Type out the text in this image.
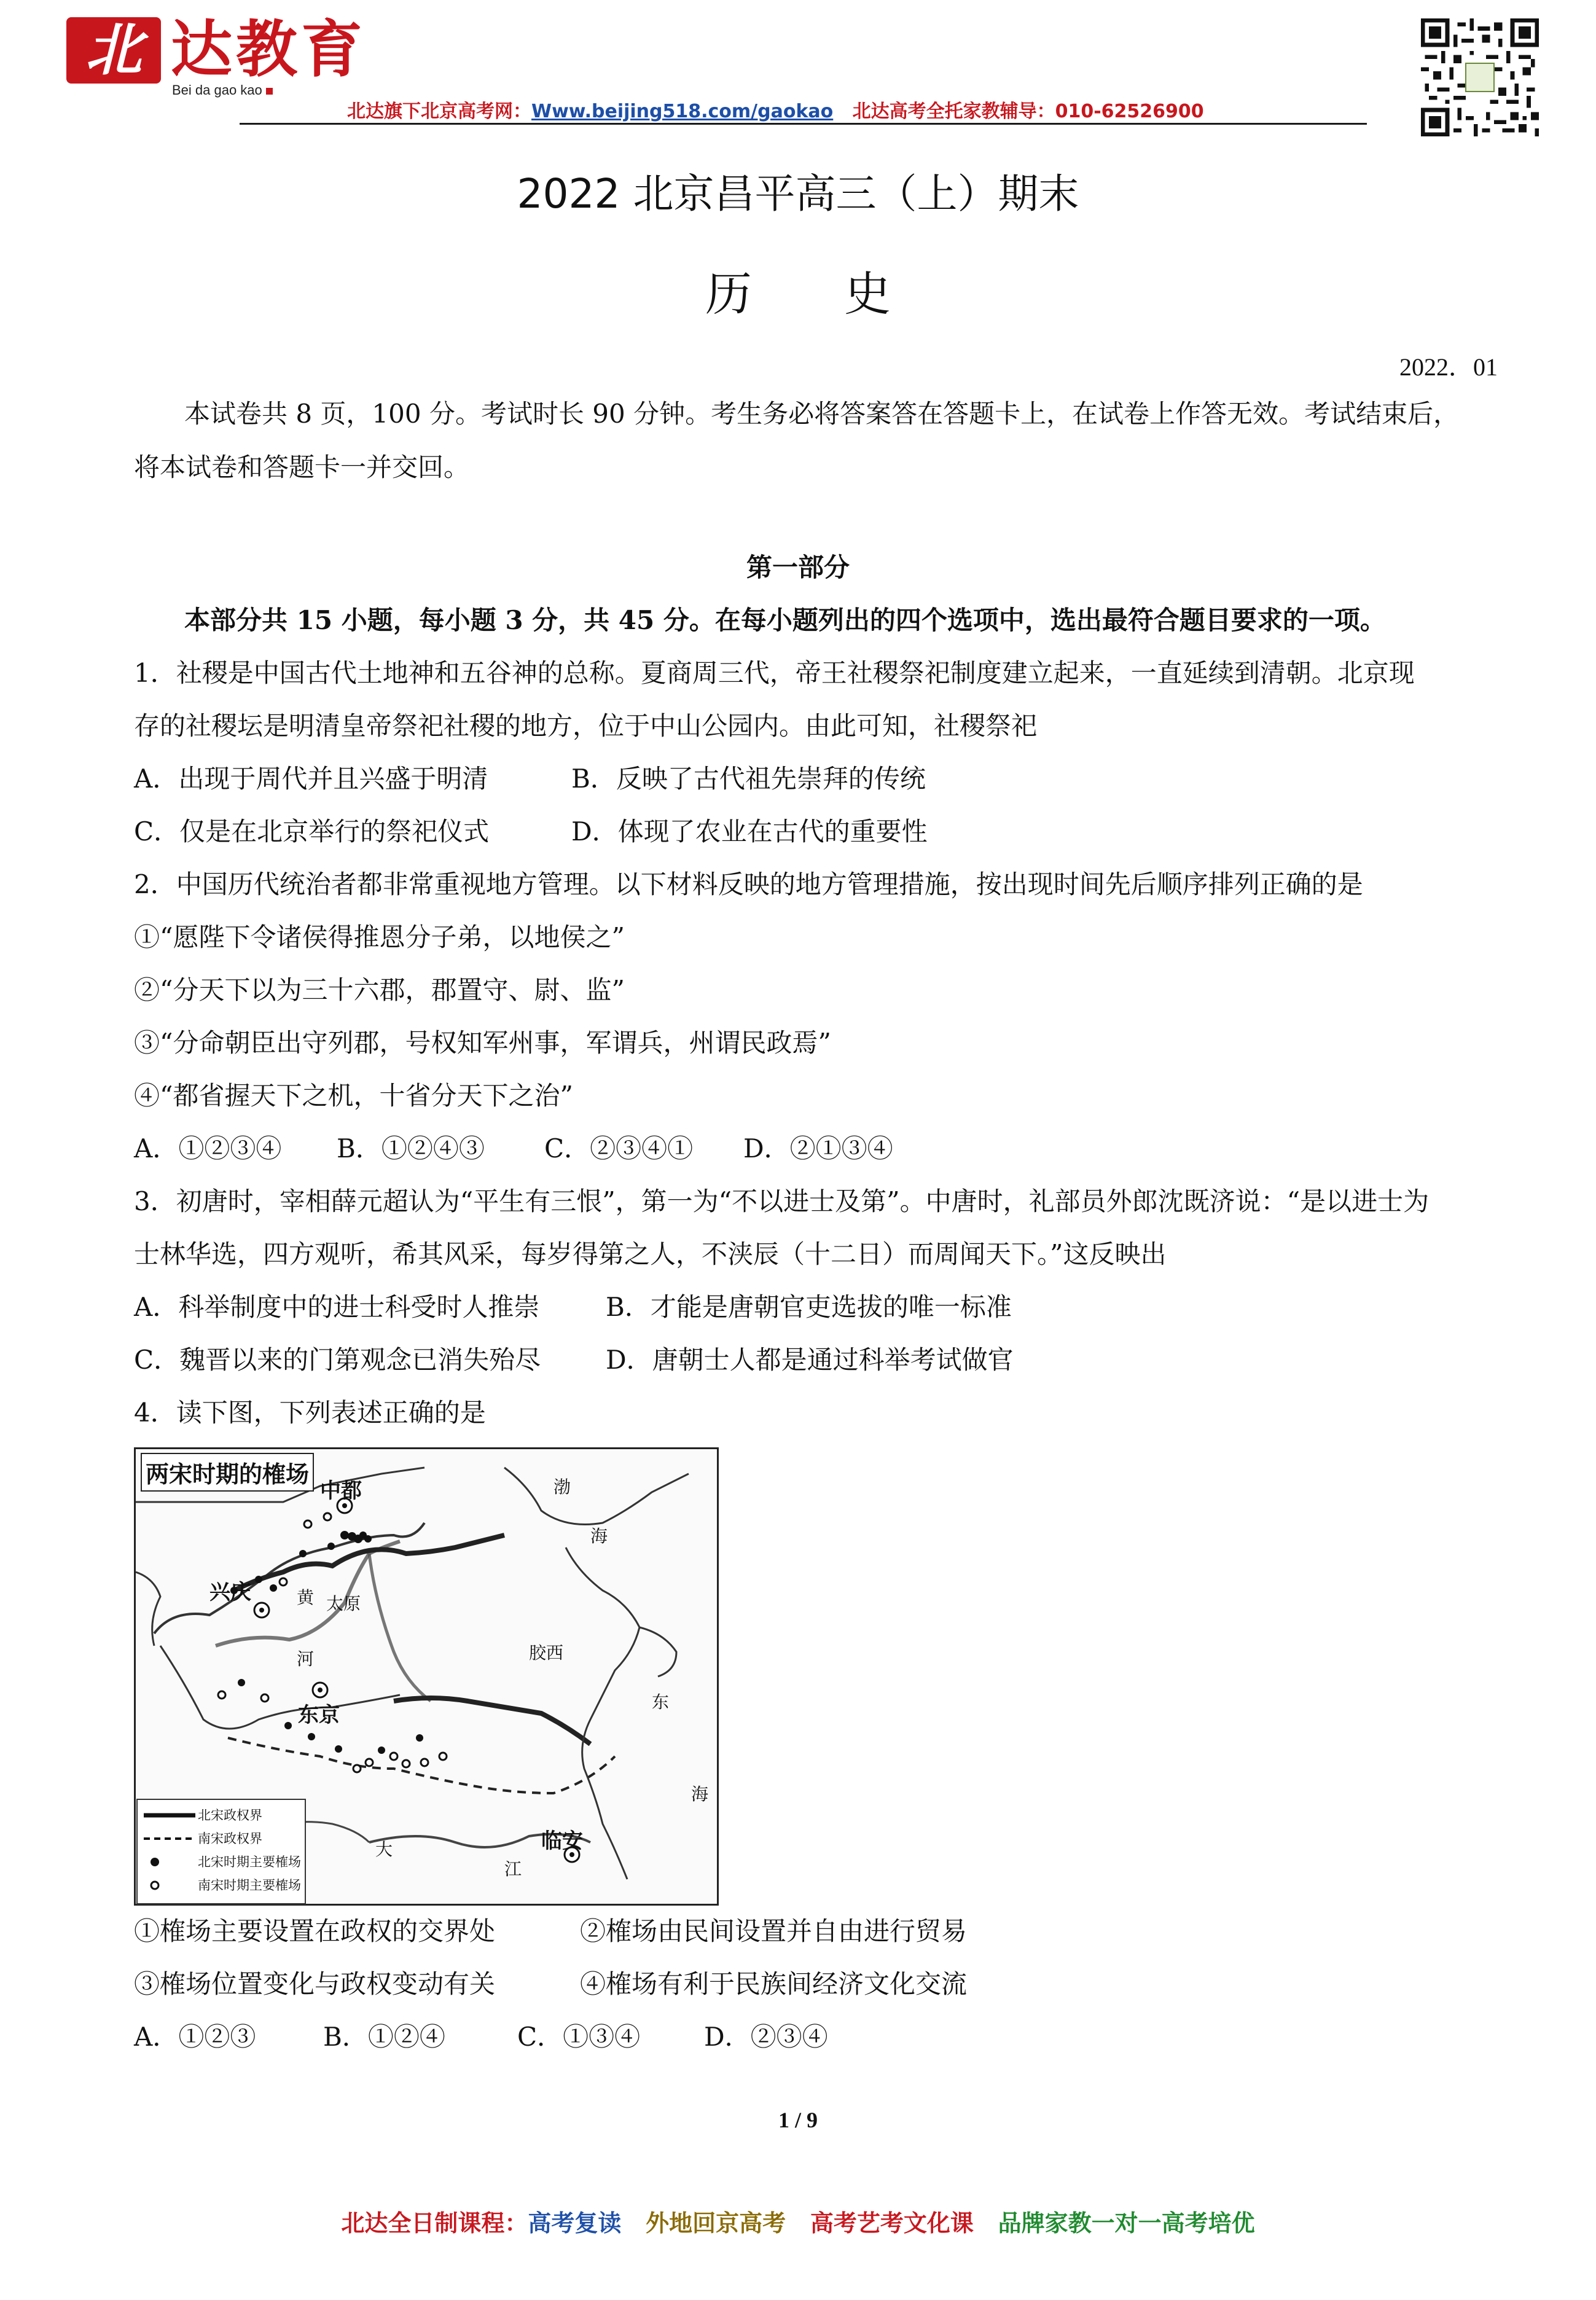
北 达教育
Bei da gao kao
北达旗下北京高考网：Www.beijing518.com/gaokao 北达高考全托家教辅导：010-62526900
2022 北京昌平高三（上）期末
历史
2022．01
本试卷共 8 页，100 分。考试时长 90 分钟。考生务必将答案答在答题卡上，在试卷上作答无效。考试结束后，
将本试卷和答题卡一并交回。
第一部分
本部分共 15 小题，每小题 3 分，共 45 分。在每小题列出的四个选项中，选出最符合题目要求的一项。
1．社稷是中国古代土地神和五谷神的总称。夏商周三代，帝王社稷祭祀制度建立起来，一直延续到清朝。北京现
存的社稷坛是明清皇帝祭祀社稷的地方，位于中山公园内。由此可知，社稷祭祀
A．出现于周代并且兴盛于明清	B．反映了古代祖先崇拜的传统
C．仅是在北京举行的祭祀仪式	D．体现了农业在古代的重要性
2．中国历代统治者都非常重视地方管理。以下材料反映的地方管理措施，按出现时间先后顺序排列正确的是
①“愿陛下令诸侯得推恩分子弟，以地侯之”
②“分天下以为三十六郡，郡置守、尉、监”
③“分命朝臣出守列郡，号权知军州事，军谓兵，州谓民政焉”
④“都省握天下之机，十省分天下之治”
A．①②③④ B．①②④③ C．②③④① D．②①③④
3．初唐时，宰相薛元超认为“平生有三恨”，第一为“不以进士及第”。中唐时，礼部员外郎沈既济说：“是以进士为
士林华选，四方观听，希其风采，每岁得第之人，不浃辰（十二日）而周闻天下。”这反映出
A．科举制度中的进士科受时人推崇	B．才能是唐朝官吏选拔的唯一标准
C．魏晋以来的门第观念已消失殆尽	D．唐朝士人都是通过科举考试做官
4．读下图，下列表述正确的是
两宋时期的榷场
中都
兴庆	太原
东京
临安
黄
河
渤
海
胶西
东
海
大
江
北宋政权界
南宋政权界
北宋时期主要榷场
南宋时期主要榷场
①榷场主要设置在政权的交界处	②榷场由民间设置并自由进行贸易
③榷场位置变化与政权变动有关	④榷场有利于民族间经济文化交流
A．①②③	B．①②④	C．①③④ D．②③④
1 / 9
北达全日制课程：高考复读 外地回京高考 高考艺考文化课 品牌家教一对一高考培优
